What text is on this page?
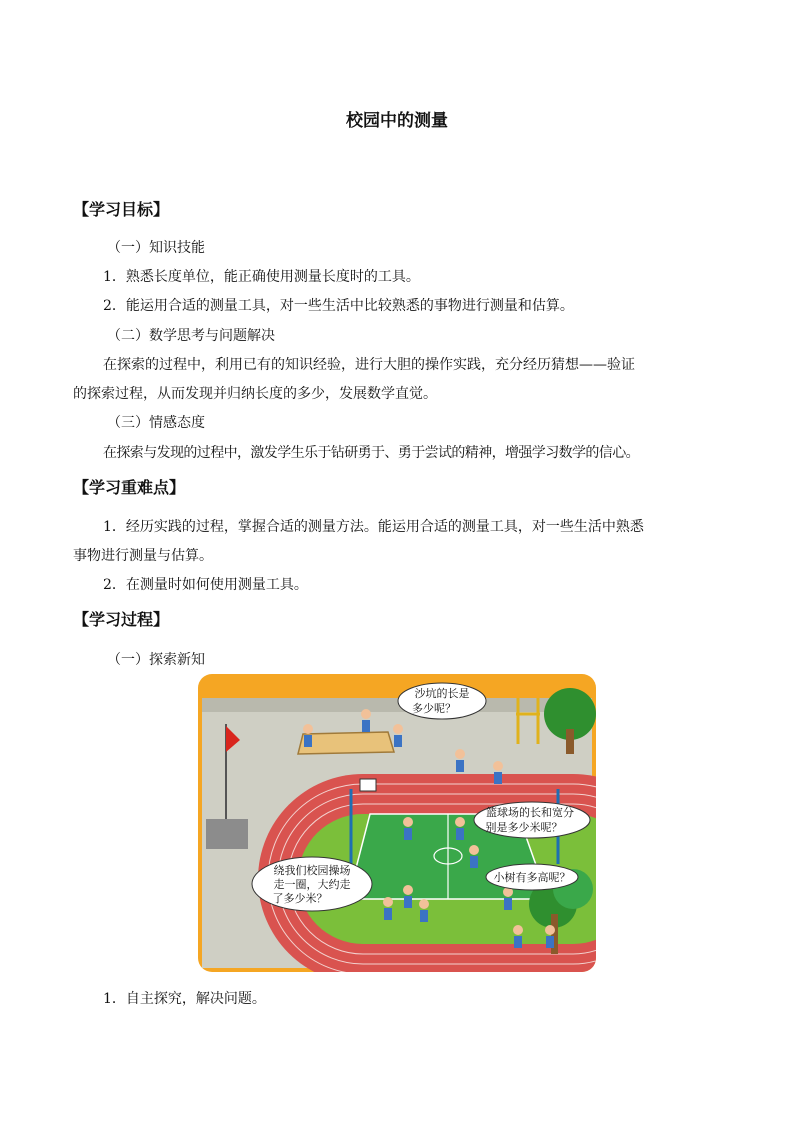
校园中的测量
【学习目标】
（一）知识技能
1．熟悉长度单位，能正确使用测量长度时的工具。
2．能运用合适的测量工具，对一些生活中比较熟悉的事物进行测量和估算。
（二）数学思考与问题解决
在探索的过程中，利用已有的知识经验，进行大胆的操作实践，充分经历猜想——验证
的探索过程，从而发现并归纳长度的多少，发展数学直觉。
（三）情感态度
在探索与发现的过程中，激发学生乐于钻研勇于、勇于尝试的精神，增强学习数学的信心。
【学习重难点】
1．经历实践的过程，掌握合适的测量方法。能运用合适的测量工具，对一些生活中熟悉
事物进行测量与估算。
2．在测量时如何使用测量工具。
【学习过程】
（一）探索新知
沙坑的长是
多少呢？
篮球场的长和宽分
别是多少米呢？
绕我们校园操场
走一圈，大约走
了多少米？
小树有多高呢？
1．自主探究，解决问题。
